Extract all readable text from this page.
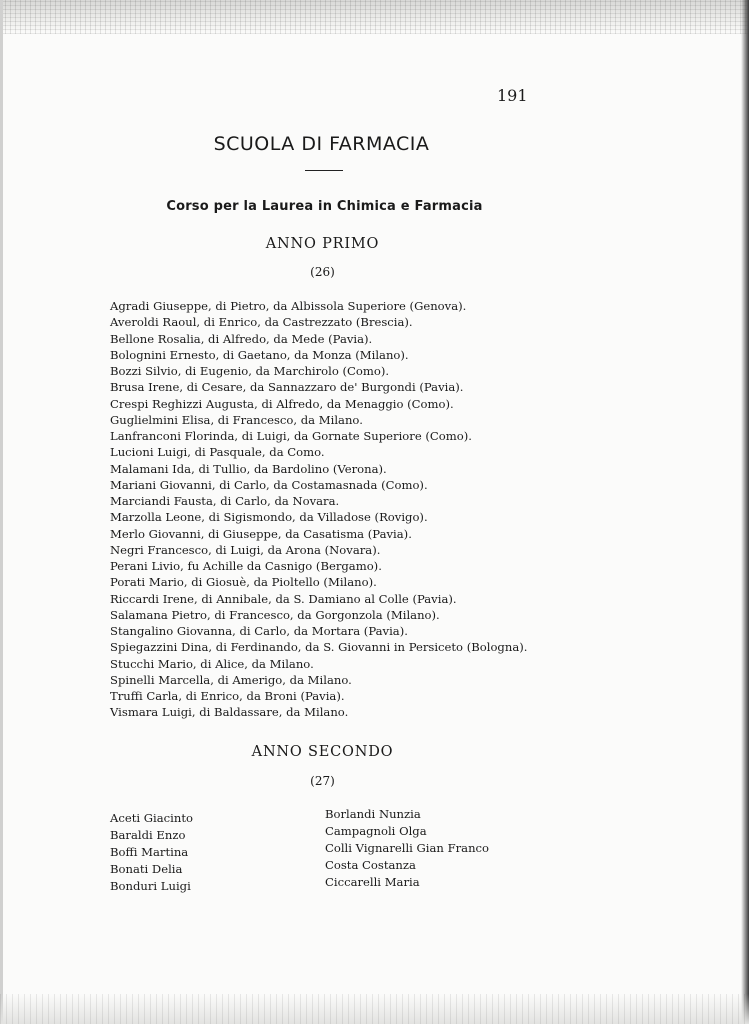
191
SCUOLA DI FARMACIA
Corso per la Laurea in Chimica e Farmacia
ANNO PRIMO
(26)
Agradi Giuseppe, di Pietro, da Albissola Superiore (Genova).
Averoldi Raoul, di Enrico, da Castrezzato (Brescia).
Bellone Rosalia, di Alfredo, da Mede (Pavia).
Bolognini Ernesto, di Gaetano, da Monza (Milano).
Bozzi Silvio, di Eugenio, da Marchirolo (Como).
Brusa Irene, di Cesare, da Sannazzaro de' Burgondi (Pavia).
Crespi Reghizzi Augusta, di Alfredo, da Menaggio (Como).
Guglielmini Elisa, di Francesco, da Milano.
Lanfranconi Florinda, di Luigi, da Gornate Superiore (Como).
Lucioni Luigi, di Pasquale, da Como.
Malamani Ida, di Tullio, da Bardolino (Verona).
Mariani Giovanni, di Carlo, da Costamasnada (Como).
Marciandi Fausta, di Carlo, da Novara.
Marzolla Leone, di Sigismondo, da Villadose (Rovigo).
Merlo Giovanni, di Giuseppe, da Casatisma (Pavia).
Negri Francesco, di Luigi, da Arona (Novara).
Perani Livio, fu Achille da Casnigo (Bergamo).
Porati Mario, di Giosuè, da Pioltello (Milano).
Riccardi Irene, di Annibale, da S. Damiano al Colle (Pavia).
Salamana Pietro, di Francesco, da Gorgonzola (Milano).
Stangalino Giovanna, di Carlo, da Mortara (Pavia).
Spiegazzini Dina, di Ferdinando, da S. Giovanni in Persiceto (Bologna).
Stucchi Mario, di Alice, da Milano.
Spinelli Marcella, di Amerigo, da Milano.
Truffi Carla, di Enrico, da Broni (Pavia).
Vismara Luigi, di Baldassare, da Milano.
ANNO SECONDO
(27)
Aceti Giacinto
Baraldi Enzo
Boffi Martina
Bonati Delia
Bonduri Luigi
Borlandi Nunzia
Campagnoli Olga
Colli Vignarelli Gian Franco
Costa Costanza
Ciccarelli Maria
